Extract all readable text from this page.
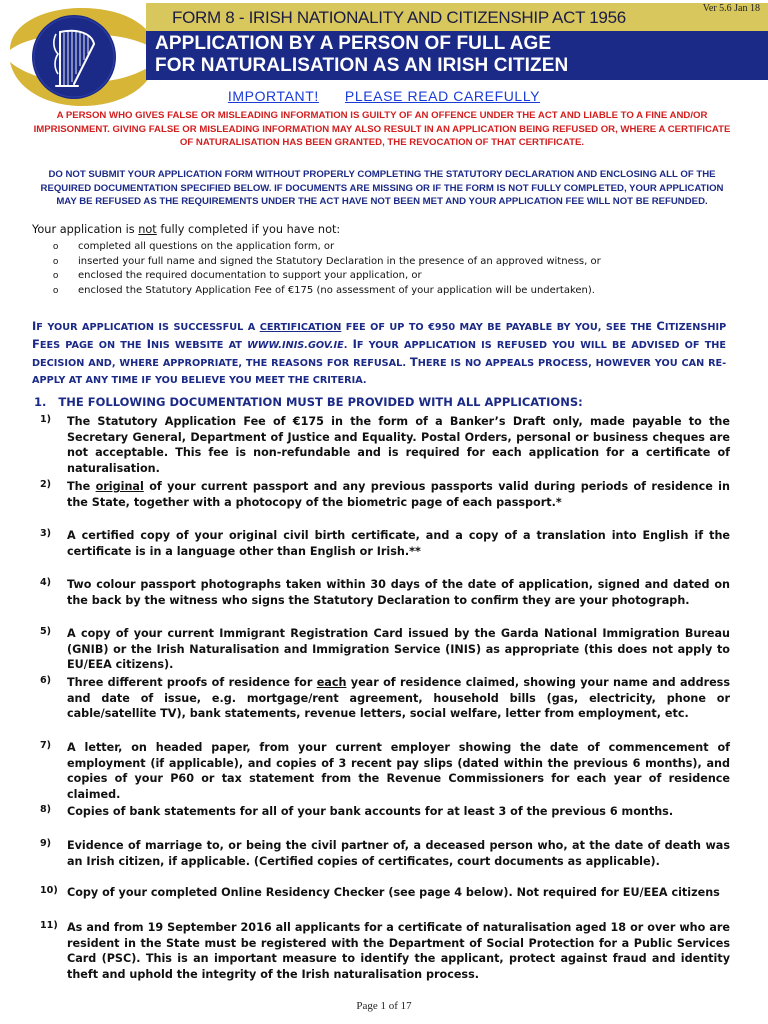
FORM 8 - IRISH NATIONALITY AND CITIZENSHIP ACT 1956	Ver 5.6 Jan 18
APPLICATION BY A PERSON OF FULL AGE
FOR NATURALISATION AS AN IRISH CITIZEN
IMPORTANT! PLEASE READ CAREFULLY
A PERSON WHO GIVES FALSE OR MISLEADING INFORMATION IS GUILTY OF AN OFFENCE UNDER THE ACT AND LIABLE TO A FINE AND/OR IMPRISONMENT. GIVING FALSE OR MISLEADING INFORMATION MAY ALSO RESULT IN AN APPLICATION BEING REFUSED OR, WHERE A CERTIFICATE OF NATURALISATION HAS BEEN GRANTED, THE REVOCATION OF THAT CERTIFICATE.
DO NOT SUBMIT YOUR APPLICATION FORM WITHOUT PROPERLY COMPLETING THE STATUTORY DECLARATION AND ENCLOSING ALL OF THE REQUIRED DOCUMENTATION SPECIFIED BELOW. IF DOCUMENTS ARE MISSING OR IF THE FORM IS NOT FULLY COMPLETED, YOUR APPLICATION MAY BE REFUSED AS THE REQUIREMENTS UNDER THE ACT HAVE NOT BEEN MET AND YOUR APPLICATION FEE WILL NOT BE REFUNDED.
Your application is not fully completed if you have not:
o completed all questions on the application form, or
o inserted your full name and signed the Statutory Declaration in the presence of an approved witness, or
o enclosed the required documentation to support your application, or
o enclosed the Statutory Application Fee of €175 (no assessment of your application will be undertaken).
IF YOUR APPLICATION IS SUCCESSFUL A CERTIFICATION FEE OF UP TO €950 MAY BE PAYABLE BY YOU, SEE THE CITIZENSHIP FEES PAGE ON THE INIS WEBSITE AT WWW.INIS.GOV.IE. IF YOUR APPLICATION IS REFUSED YOU WILL BE ADVISED OF THE DECISION AND, WHERE APPROPRIATE, THE REASONS FOR REFUSAL. THERE IS NO APPEALS PROCESS, HOWEVER YOU CAN RE-APPLY AT ANY TIME IF YOU BELIEVE YOU MEET THE CRITERIA.
1. THE FOLLOWING DOCUMENTATION MUST BE PROVIDED WITH ALL APPLICATIONS:
1) The Statutory Application Fee of €175 in the form of a Banker’s Draft only, made payable to the Secretary General, Department of Justice and Equality. Postal Orders, personal or business cheques are not acceptable. This fee is non-refundable and is required for each application for a certificate of naturalisation.
2) The original of your current passport and any previous passports valid during periods of residence in the State, together with a photocopy of the biometric page of each passport.*
3) A certified copy of your original civil birth certificate, and a copy of a translation into English if the certificate is in a language other than English or Irish.**
4) Two colour passport photographs taken within 30 days of the date of application, signed and dated on the back by the witness who signs the Statutory Declaration to confirm they are your photograph.
5) A copy of your current Immigrant Registration Card issued by the Garda National Immigration Bureau (GNIB) or the Irish Naturalisation and Immigration Service (INIS) as appropriate (this does not apply to EU/EEA citizens).
6) Three different proofs of residence for each year of residence claimed, showing your name and address and date of issue, e.g. mortgage/rent agreement, household bills (gas, electricity, phone or cable/satellite TV), bank statements, revenue letters, social welfare, letter from employment, etc.
7) A letter, on headed paper, from your current employer showing the date of commencement of employment (if applicable), and copies of 3 recent pay slips (dated within the previous 6 months), and copies of your P60 or tax statement from the Revenue Commissioners for each year of residence claimed.
8) Copies of bank statements for all of your bank accounts for at least 3 of the previous 6 months.
9) Evidence of marriage to, or being the civil partner of, a deceased person who, at the date of death was an Irish citizen, if applicable. (Certified copies of certificates, court documents as applicable).
10) Copy of your completed Online Residency Checker (see page 4 below). Not required for EU/EEA citizens
11) As and from 19 September 2016 all applicants for a certificate of naturalisation aged 18 or over who are resident in the State must be registered with the Department of Social Protection for a Public Services Card (PSC). This is an important measure to identify the applicant, protect against fraud and identity theft and uphold the integrity of the Irish naturalisation process.
Page 1 of 17
